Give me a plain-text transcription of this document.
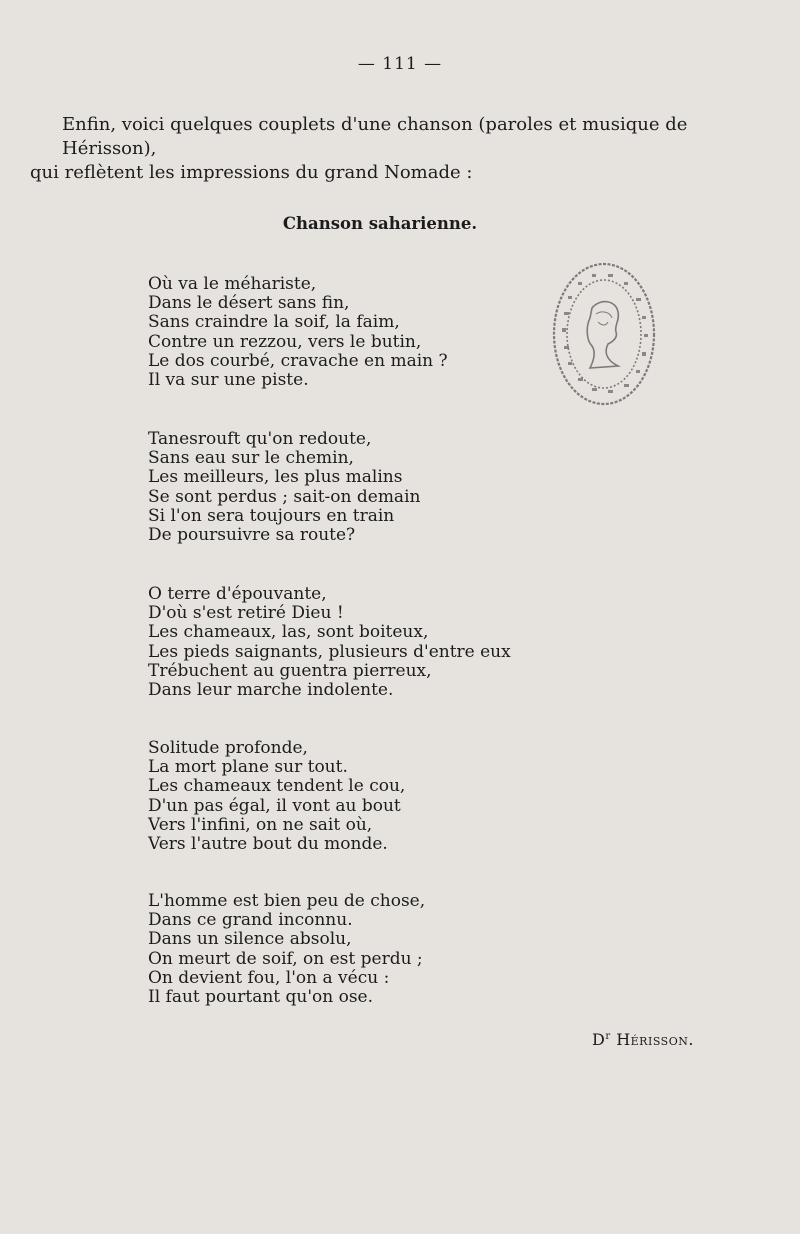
— 111 —
Enfin, voici quelques couplets d'une chanson (paroles et musique de Hérisson),
qui reflètent les impressions du grand Nomade :
Chanson saharienne.
Où va le méhariste,
Dans le désert sans fin,
Sans craindre la soif, la faim,
Contre un rezzou, vers le butin,
Le dos courbé, cravache en main ?
Il va sur une piste.
Tanesrouft qu'on redoute,
Sans eau sur le chemin,
Les meilleurs, les plus malins
Se sont perdus ; sait-on demain
Si l'on sera toujours en train
De poursuivre sa route?
O terre d'épouvante,
D'où s'est retiré Dieu !
Les chameaux, las, sont boiteux,
Les pieds saignants, plusieurs d'entre eux
Trébuchent au guentra pierreux,
Dans leur marche indolente.
Solitude profonde,
La mort plane sur tout.
Les chameaux tendent le cou,
D'un pas égal, il vont au bout
Vers l'infini, on ne sait où,
Vers l'autre bout du monde.
L'homme est bien peu de chose,
Dans ce grand inconnu.
Dans un silence absolu,
On meurt de soif, on est perdu ;
On devient fou, l'on a vécu :
Il faut pourtant qu'on ose.
$D^r$ Hérisson.
